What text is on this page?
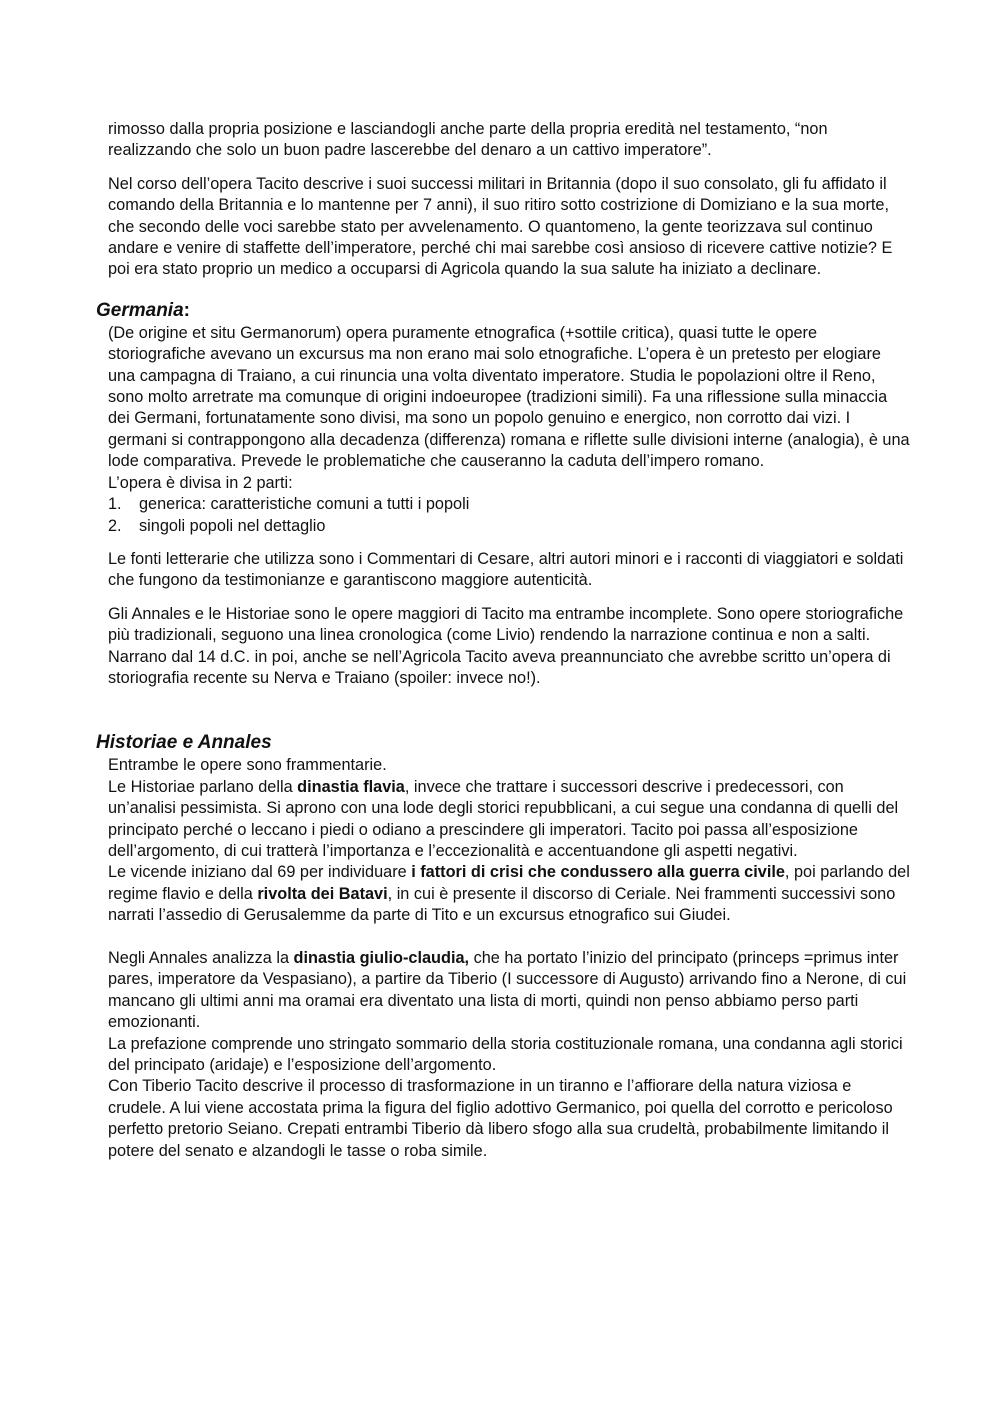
rimosso dalla propria posizione e lasciandogli anche parte della propria eredità nel testamento, “non realizzando che solo un buon padre lascerebbe del denaro a un cattivo imperatore”.

Nel corso dell’opera Tacito descrive i suoi successi militari in Britannia (dopo il suo consolato, gli fu affidato il comando della Britannia e lo mantenne per 7 anni), il suo ritiro sotto costrizione di Domiziano e la sua morte, che secondo delle voci sarebbe stato per avvelenamento. O quantomeno, la gente teorizzava sul continuo andare e venire di staffette dell’imperatore, perché chi mai sarebbe così ansioso di ricevere cattive notizie? E poi era stato proprio un medico a occuparsi di Agricola quando la sua salute ha iniziato a declinare.

Germania:
(De origine et situ Germanorum) opera puramente etnografica (+sottile critica), quasi tutte le opere storiografiche avevano un excursus ma non erano mai solo etnografiche. L’opera è un pretesto per elogiare una campagna di Traiano, a cui rinuncia una volta diventato imperatore. Studia le popolazioni oltre il Reno, sono molto arretrate ma comunque di origini indoeuropee (tradizioni simili). Fa una riflessione sulla minaccia dei Germani, fortunatamente sono divisi, ma sono un popolo genuino e energico, non corrotto dai vizi. I germani si contrappongono alla decadenza (differenza) romana e riflette sulle divisioni interne (analogia), è una lode comparativa. Prevede le problematiche che causeranno la caduta dell’impero romano.
L’opera è divisa in 2 parti:
1.	generica: caratteristiche comuni a tutti i popoli
2.	singoli popoli nel dettaglio

Le fonti letterarie che utilizza sono i Commentari di Cesare, altri autori minori e i racconti di viaggiatori e soldati che fungono da testimonianze e garantiscono maggiore autenticità.

Gli Annales e le Historiae sono le opere maggiori di Tacito ma entrambe incomplete. Sono opere storiografiche più tradizionali, seguono una linea cronologica (come Livio) rendendo la narrazione continua e non a salti. Narrano dal 14 d.C. in poi, anche se nell’Agricola Tacito aveva preannunciato che avrebbe scritto un’opera di storiografia recente su Nerva e Traiano (spoiler: invece no!).

Historiae e Annales
Entrambe le opere sono frammentarie.
Le Historiae parlano della dinastia flavia, invece che trattare i successori descrive i predecessori, con un’analisi pessimista. Si aprono con una lode degli storici repubblicani, a cui segue una condanna di quelli del principato perché o leccano i piedi o odiano a prescindere gli imperatori. Tacito poi passa all’esposizione dell’argomento, di cui tratterà l’importanza e l’eccezionalità e accentuandone gli aspetti negativi.
Le vicende iniziano dal 69 per individuare i fattori di crisi che condussero alla guerra civile, poi parlando del regime flavio e della rivolta dei Batavi, in cui è presente il discorso di Ceriale. Nei frammenti successivi sono narrati l’assedio di Gerusalemme da parte di Tito e un excursus etnografico sui Giudei.
Negli Annales analizza la dinastia giulio-claudia, che ha portato l’inizio del principato (princeps =primus inter pares, imperatore da Vespasiano), a partire da Tiberio (I successore di Augusto) arrivando fino a Nerone, di cui mancano gli ultimi anni ma oramai era diventato una lista di morti, quindi non penso abbiamo perso parti emozionanti.
La prefazione comprende uno stringato sommario della storia costituzionale romana, una condanna agli storici del principato (aridaje) e l’esposizione dell’argomento.
Con Tiberio Tacito descrive il processo di trasformazione in un tiranno e l’affiorare della natura viziosa e crudele. A lui viene accostata prima la figura del figlio adottivo Germanico, poi quella del corrotto e pericoloso perfetto pretorio Seiano. Crepati entrambi Tiberio dà libero sfogo alla sua crudeltà, probabilmente limitando il potere del senato e alzandogli le tasse o roba simile.
